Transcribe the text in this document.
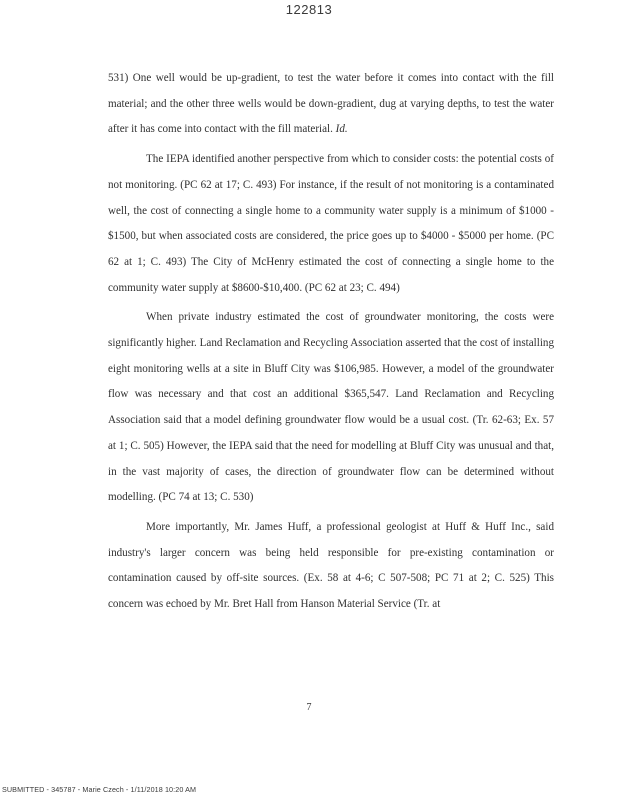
122813

531) One well would be up-gradient, to test the water before it comes into contact with the fill material; and the other three wells would be down-gradient, dug at varying depths, to test the water after it has come into contact with the fill material. Id.

The IEPA identified another perspective from which to consider costs: the potential costs of not monitoring. (PC 62 at 17; C. 493) For instance, if the result of not monitoring is a contaminated well, the cost of connecting a single home to a community water supply is a minimum of $1000 - $1500, but when associated costs are considered, the price goes up to $4000 - $5000 per home. (PC 62 at 1; C. 493) The City of McHenry estimated the cost of connecting a single home to the community water supply at $8600-$10,400. (PC 62 at 23; C. 494)

When private industry estimated the cost of groundwater monitoring, the costs were significantly higher. Land Reclamation and Recycling Association asserted that the cost of installing eight monitoring wells at a site in Bluff City was $106,985. However, a model of the groundwater flow was necessary and that cost an additional $365,547. Land Reclamation and Recycling Association said that a model defining groundwater flow would be a usual cost. (Tr. 62-63; Ex. 57 at 1; C. 505) However, the IEPA said that the need for modelling at Bluff City was unusual and that, in the vast majority of cases, the direction of groundwater flow can be determined without modelling. (PC 74 at 13; C. 530)

More importantly, Mr. James Huff, a professional geologist at Huff & Huff Inc., said industry's larger concern was being held responsible for pre-existing contamination or contamination caused by off-site sources. (Ex. 58 at 4-6; C 507-508; PC 71 at 2; C. 525) This concern was echoed by Mr. Bret Hall from Hanson Material Service (Tr. at

7
SUBMITTED - 345787 - Marie Czech - 1/11/2018 10:20 AM
